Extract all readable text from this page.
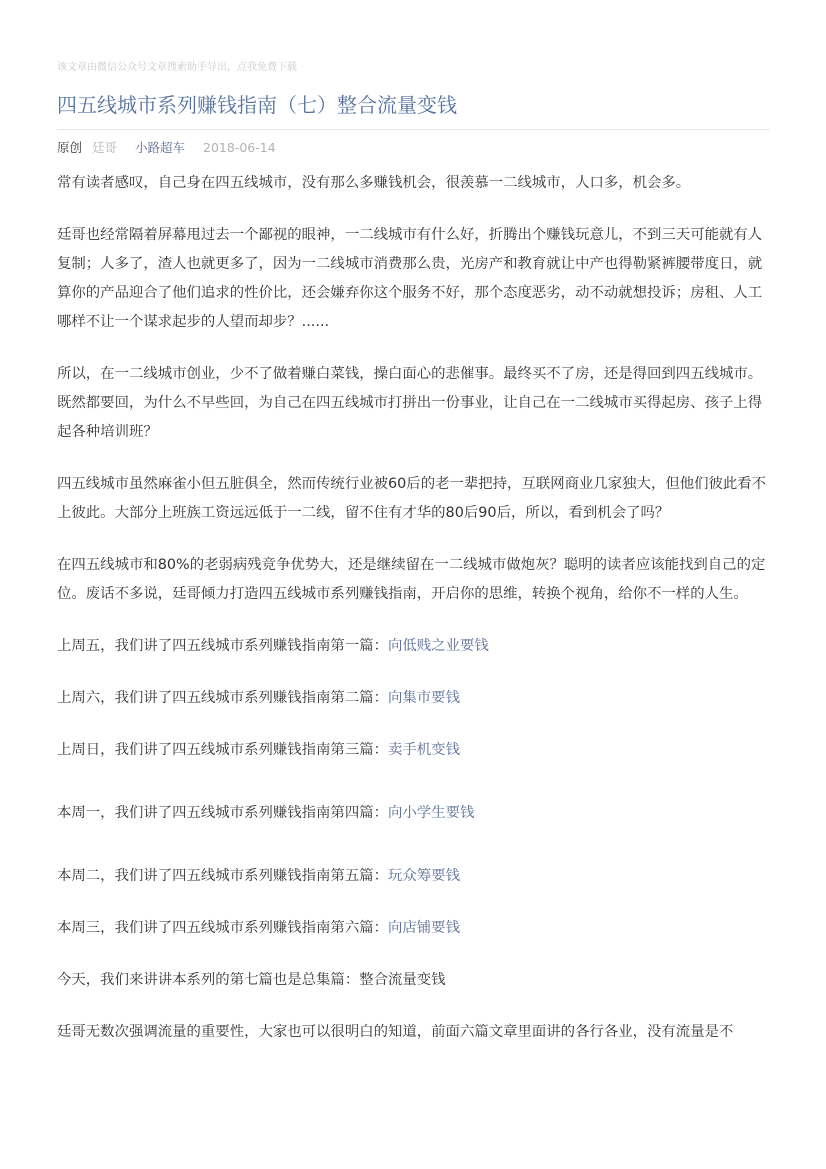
该文章由微信公众号文章搜索助手导出，点我免费下载

四五线城市系列赚钱指南（七）整合流量变钱
原创 廷哥 小路超车 2018-06-14

常有读者感叹，自己身在四五线城市，没有那么多赚钱机会，很羡慕一二线城市，人口多，机会多。

廷哥也经常隔着屏幕甩过去一个鄙视的眼神，一二线城市有什么好，折腾出个赚钱玩意儿，不到三天可能就有人复制；人多了，渣人也就更多了，因为一二线城市消费那么贵，光房产和教育就让中产也得勒紧裤腰带度日，就算你的产品迎合了他们追求的性价比，还会嫌弃你这个服务不好，那个态度恶劣，动不动就想投诉；房租、人工哪样不让一个谋求起步的人望而却步？......

所以，在一二线城市创业，少不了做着赚白菜钱，操白面心的悲催事。最终买不了房，还是得回到四五线城市。既然都要回，为什么不早些回，为自己在四五线城市打拼出一份事业，让自己在一二线城市买得起房、孩子上得起各种培训班？

四五线城市虽然麻雀小但五脏俱全，然而传统行业被60后的老一辈把持，互联网商业几家独大，但他们彼此看不上彼此。大部分上班族工资远远低于一二线，留不住有才华的80后90后，所以，看到机会了吗？

在四五线城市和80%的老弱病残竞争优势大，还是继续留在一二线城市做炮灰？聪明的读者应该能找到自己的定位。废话不多说，廷哥倾力打造四五线城市系列赚钱指南，开启你的思维，转换个视角，给你不一样的人生。

上周五，我们讲了四五线城市系列赚钱指南第一篇：向低贱之业要钱

上周六，我们讲了四五线城市系列赚钱指南第二篇：向集市要钱

上周日，我们讲了四五线城市系列赚钱指南第三篇：卖手机变钱

本周一，我们讲了四五线城市系列赚钱指南第四篇：向小学生要钱

本周二，我们讲了四五线城市系列赚钱指南第五篇：玩众筹要钱

本周三，我们讲了四五线城市系列赚钱指南第六篇：向店铺要钱

今天，我们来讲讲本系列的第七篇也是总集篇：整合流量变钱

廷哥无数次强调流量的重要性，大家也可以很明白的知道，前面六篇文章里面讲的各行各业，没有流量是不
